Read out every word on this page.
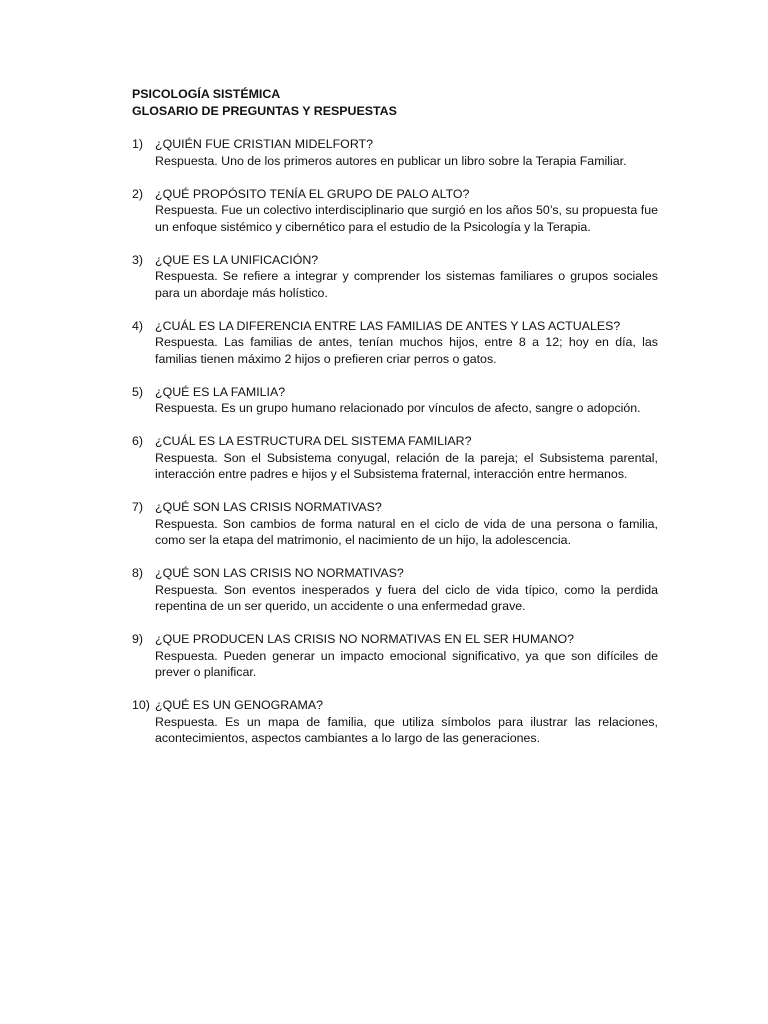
PSICOLOGÍA SISTÉMICA
GLOSARIO DE PREGUNTAS Y RESPUESTAS
1) ¿QUIÉN FUE CRISTIAN MIDELFORT?
Respuesta. Uno de los primeros autores en publicar un libro sobre la Terapia Familiar.
2) ¿QUÉ PROPÓSITO TENÍA EL GRUPO DE PALO ALTO?
Respuesta. Fue un colectivo interdisciplinario que surgió en los años 50’s, su propuesta fue un enfoque sistémico y cibernético para el estudio de la Psicología y la Terapia.
3) ¿QUE ES LA UNIFICACIÓN?
Respuesta. Se refiere a integrar y comprender los sistemas familiares o grupos sociales para un abordaje más holístico.
4) ¿CUÁL ES LA DIFERENCIA ENTRE LAS FAMILIAS DE ANTES Y LAS ACTUALES?
Respuesta. Las familias de antes, tenían muchos hijos, entre 8 a 12; hoy en día, las familias tienen máximo 2 hijos o prefieren criar perros o gatos.
5) ¿QUÉ ES LA FAMILIA?
Respuesta. Es un grupo humano relacionado por vínculos de afecto, sangre o adopción.
6) ¿CUÁL ES LA ESTRUCTURA DEL SISTEMA FAMILIAR?
Respuesta. Son el Subsistema conyugal, relación de la pareja; el Subsistema parental, interacción entre padres e hijos y el Subsistema fraternal, interacción entre hermanos.
7) ¿QUÉ SON LAS CRISIS NORMATIVAS?
Respuesta. Son cambios de forma natural en el ciclo de vida de una persona o familia, como ser la etapa del matrimonio, el nacimiento de un hijo, la adolescencia.
8) ¿QUÉ SON LAS CRISIS NO NORMATIVAS?
Respuesta. Son eventos inesperados y fuera del ciclo de vida típico, como la perdida repentina de un ser querido, un accidente o una enfermedad grave.
9) ¿QUE PRODUCEN LAS CRISIS NO NORMATIVAS EN EL SER HUMANO?
Respuesta. Pueden generar un impacto emocional significativo, ya que son difíciles de prever o planificar.
10) ¿QUÉ ES UN GENOGRAMA?
Respuesta. Es un mapa de familia, que utiliza símbolos para ilustrar las relaciones, acontecimientos, aspectos cambiantes a lo largo de las generaciones.
